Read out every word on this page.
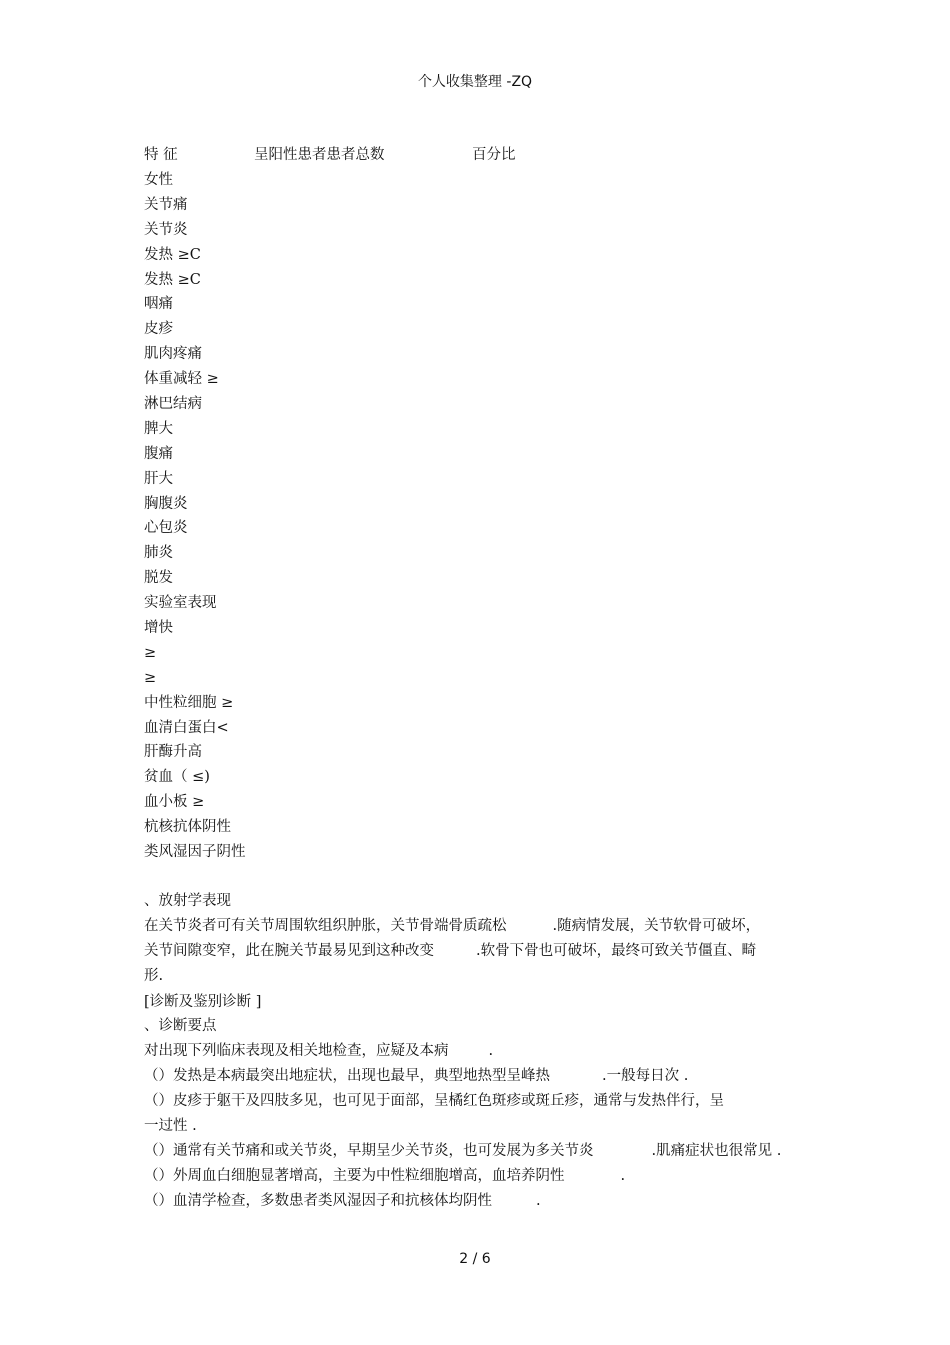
个人收集整理 -ZQ
特 征	呈阳性患者患者总数	百分比
女性
关节痛
关节炎
发热 ≥C
发热 ≥C
咽痛
皮疹
肌肉疼痛
体重减轻 ≥
淋巴结病
脾大
腹痛
肝大
胸腹炎
心包炎
肺炎
脱发
实验室表现
增快
≥
≥
中性粒细胞 ≥
血清白蛋白<
肝酶升高
贫血（ ≤)
血小板 ≥
杭核抗体阴性
类风湿因子阴性
、放射学表现
在关节炎者可有关节周围软组织肿胀，关节骨端骨质疏松	.随病情发展，关节软骨可破坏，
关节间隙变窄，此在腕关节最易见到这种改变	.软骨下骨也可破坏，最终可致关节僵直、畸
形.
[诊断及鉴别诊断 ]
、诊断要点
对出现下列临床表现及相关地检查，应疑及本病	.
（）发热是本病最突出地症状，出现也最早，典型地热型呈峰热	.一般每日次 .
（）皮疹于躯干及四肢多见，也可见于面部，呈橘红色斑疹或斑丘疹，通常与发热伴行，呈
一过性 .
（）通常有关节痛和或关节炎，早期呈少关节炎，也可发展为多关节炎	.肌痛症状也很常见 .
（）外周血白细胞显著增高，主要为中性粒细胞增高，血培养阴性	.
（）血清学检查，多数患者类风湿因子和抗核体均阴性	.
2 / 6
